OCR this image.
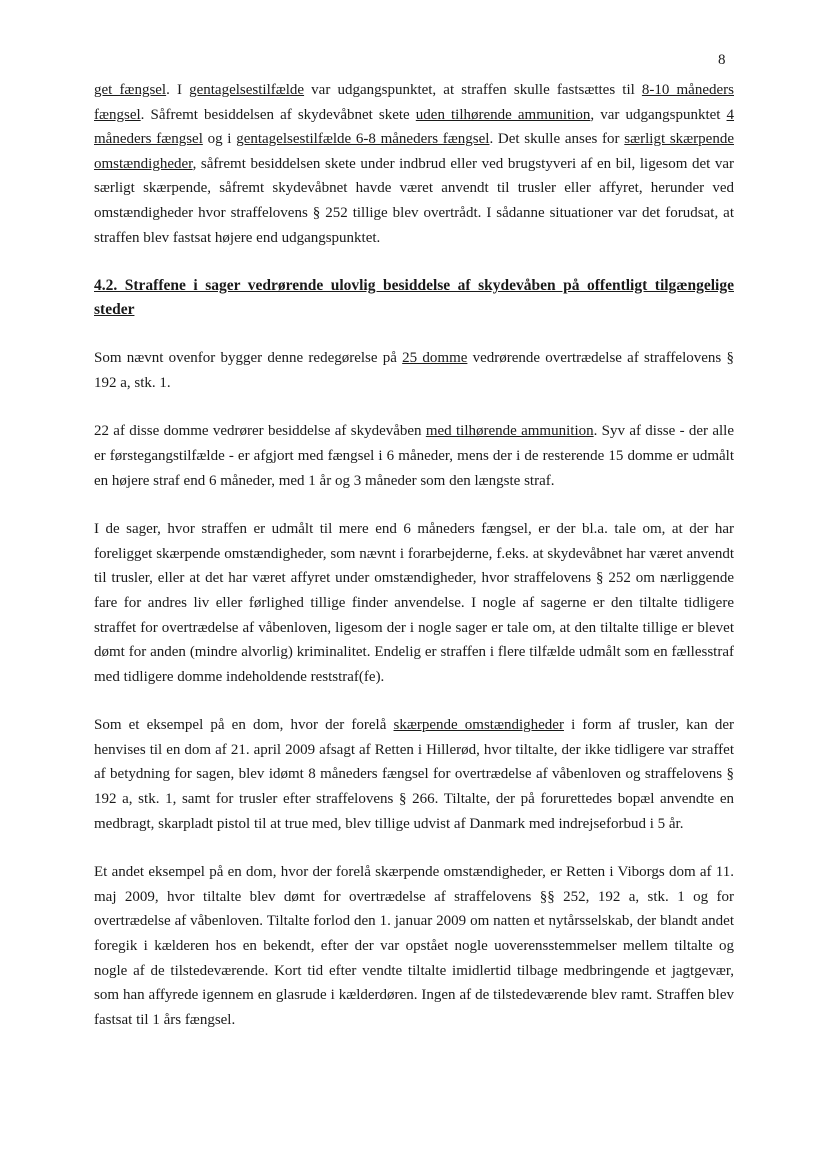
8

get fængsel. I gentagelsestilfælde var udgangspunktet, at straffen skulle fastsættes til 8-10 måneders fængsel. Såfremt besiddelsen af skydevåbnet skete uden tilhørende ammunition, var udgangspunktet 4 måneders fængsel og i gentagelsestilfælde 6-8 måneders fængsel. Det skulle anses for særligt skærpende omstændigheder, såfremt besiddelsen skete under indbrud eller ved brugstyveri af en bil, ligesom det var særligt skærpende, såfremt skydevåbnet havde været anvendt til trusler eller affyret, herunder ved omstændigheder hvor straffelovens § 252 tillige blev overtrådt. I sådanne situationer var det forudsat, at straffen blev fastsat højere end udgangspunktet.

4.2. Straffene i sager vedrørende ulovlig besiddelse af skydevåben på offentligt tilgængelige steder

Som nævnt ovenfor bygger denne redegørelse på 25 domme vedrørende overtrædelse af straffelovens § 192 a, stk. 1.

22 af disse domme vedrører besiddelse af skydevåben med tilhørende ammunition. Syv af disse - der alle er førstegangstilfælde - er afgjort med fængsel i 6 måneder, mens der i de resterende 15 domme er udmålt en højere straf end 6 måneder, med 1 år og 3 måneder som den længste straf.

I de sager, hvor straffen er udmålt til mere end 6 måneders fængsel, er der bl.a. tale om, at der har foreligget skærpende omstændigheder, som nævnt i forarbejderne, f.eks. at skydevåbnet har været anvendt til trusler, eller at det har været affyret under omstændigheder, hvor straffelovens § 252 om nærliggende fare for andres liv eller førlighed tillige finder anvendelse. I nogle af sagerne er den tiltalte tidligere straffet for overtrædelse af våbenloven, ligesom der i nogle sager er tale om, at den tiltalte tillige er blevet dømt for anden (mindre alvorlig) kriminalitet. Endelig er straffen i flere tilfælde udmålt som en fællesstraf med tidligere domme indeholdende reststraf(fe).

Som et eksempel på en dom, hvor der forelå skærpende omstændigheder i form af trusler, kan der henvises til en dom af 21. april 2009 afsagt af Retten i Hillerød, hvor tiltalte, der ikke tidligere var straffet af betydning for sagen, blev idømt 8 måneders fængsel for overtrædelse af våbenloven og straffelovens § 192 a, stk. 1, samt for trusler efter straffelovens § 266. Tiltalte, der på forurettedes bopæl anvendte en medbragt, skarpladt pistol til at true med, blev tillige udvist af Danmark med indrejseforbud i 5 år.

Et andet eksempel på en dom, hvor der forelå skærpende omstændigheder, er Retten i Viborgs dom af 11. maj 2009, hvor tiltalte blev dømt for overtrædelse af straffelovens §§ 252, 192 a, stk. 1 og for overtrædelse af våbenloven. Tiltalte forlod den 1. januar 2009 om natten et nytårsselskab, der blandt andet foregik i kælderen hos en bekendt, efter der var opstået nogle uoverensstemmelser mellem tiltalte og nogle af de tilstedeværende. Kort tid efter vendte tiltalte imidlertid tilbage medbringende et jagtgevær, som han affyrede igennem en glasrude i kælderdøren. Ingen af de tilstedeværende blev ramt. Straffen blev fastsat til 1 års fængsel.
